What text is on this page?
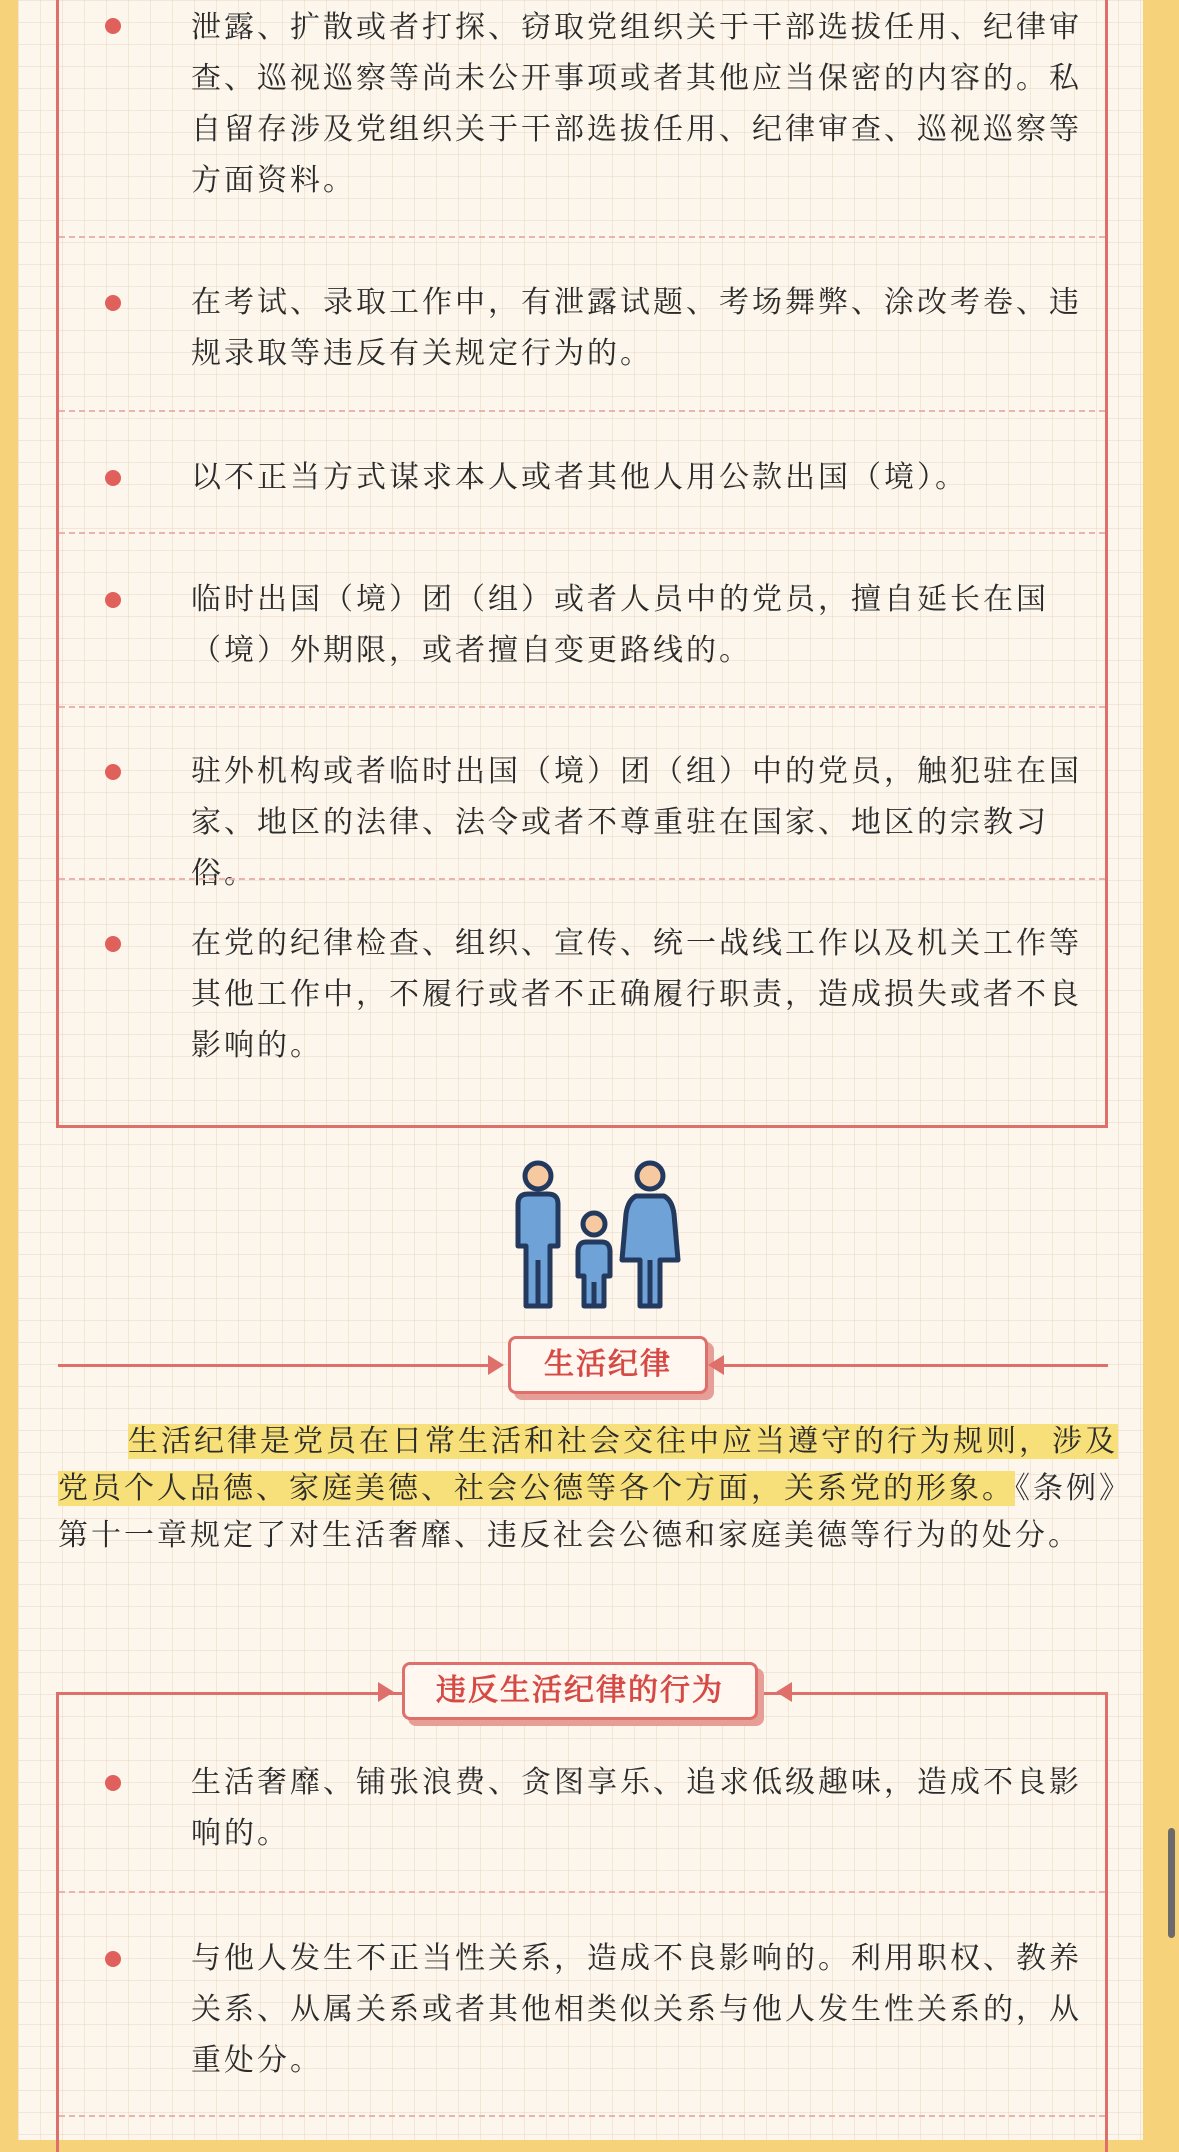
泄露、扩散或者打探、窃取党组织关于干部选拔任用、纪律审查、巡视巡察等尚未公开事项或者其他应当保密的内容的。私自留存涉及党组织关于干部选拔任用、纪律审查、巡视巡察等方面资料。
在考试、录取工作中，有泄露试题、考场舞弊、涂改考卷、违规录取等违反有关规定行为的。
以不正当方式谋求本人或者其他人用公款出国（境）。
临时出国（境）团（组）或者人员中的党员，擅自延长在国（境）外期限，或者擅自变更路线的。
驻外机构或者临时出国（境）团（组）中的党员，触犯驻在国家、地区的法律、法令或者不尊重驻在国家、地区的宗教习俗。
在党的纪律检查、组织、宣传、统一战线工作以及机关工作等其他工作中，不履行或者不正确履行职责，造成损失或者不良影响的。
生活纪律
生活纪律是党员在日常生活和社会交往中应当遵守的行为规则，涉及党员个人品德、家庭美德、社会公德等各个方面，关系党的形象。《条例》第十一章规定了对生活奢靡、违反社会公德和家庭美德等行为的处分。
生活奢靡、铺张浪费、贪图享乐、追求低级趣味，造成不良影响的。
与他人发生不正当性关系，造成不良影响的。利用职权、教养关系、从属关系或者其他相类似关系与他人发生性关系的，从重处分。
违反生活纪律的行为
